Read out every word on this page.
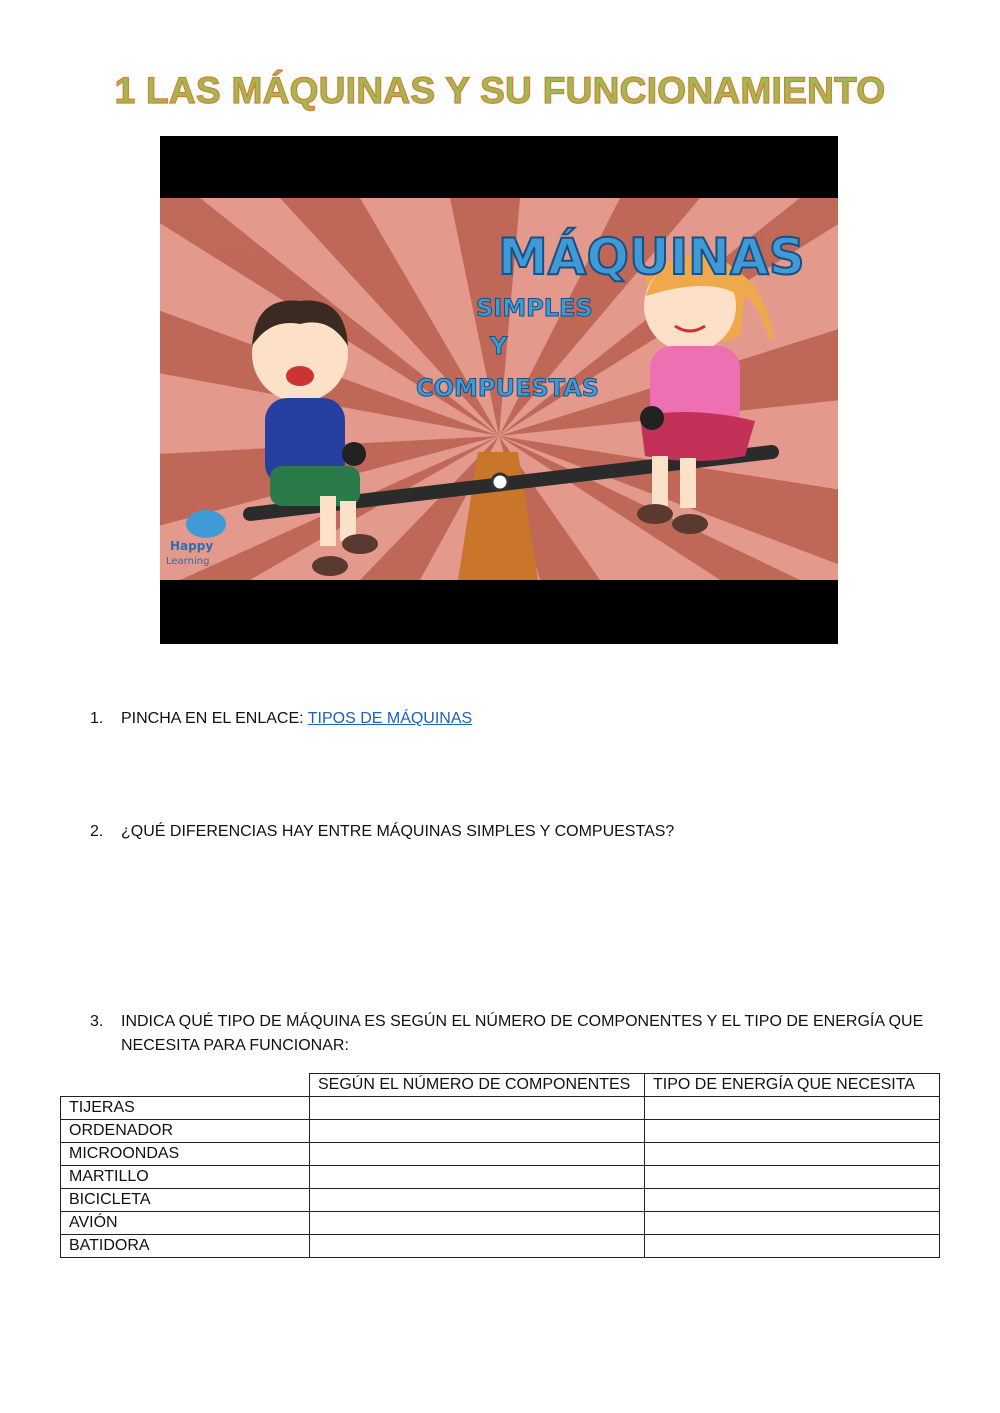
1 LAS MÁQUINAS Y SU FUNCIONAMIENTO
MÁQUINAS
SIMPLES
Y
COMPUESTAS
Happy
Learning
1.	PINCHA EN EL ENLACE: TIPOS DE MÁQUINAS
2.	¿QUÉ DIFERENCIAS HAY ENTRE MÁQUINAS SIMPLES Y COMPUESTAS?
3.	INDICA QUÉ TIPO DE MÁQUINA ES SEGÚN EL NÚMERO DE COMPONENTES Y EL TIPO DE ENERGÍA QUE
NECESITA PARA FUNCIONAR:
	SEGÚN EL NÚMERO DE COMPONENTES	TIPO DE ENERGÍA QUE NECESITA
TIJERAS		
ORDENADOR		
MICROONDAS		
MARTILLO		
BICICLETA		
AVIÓN		
BATIDORA		
